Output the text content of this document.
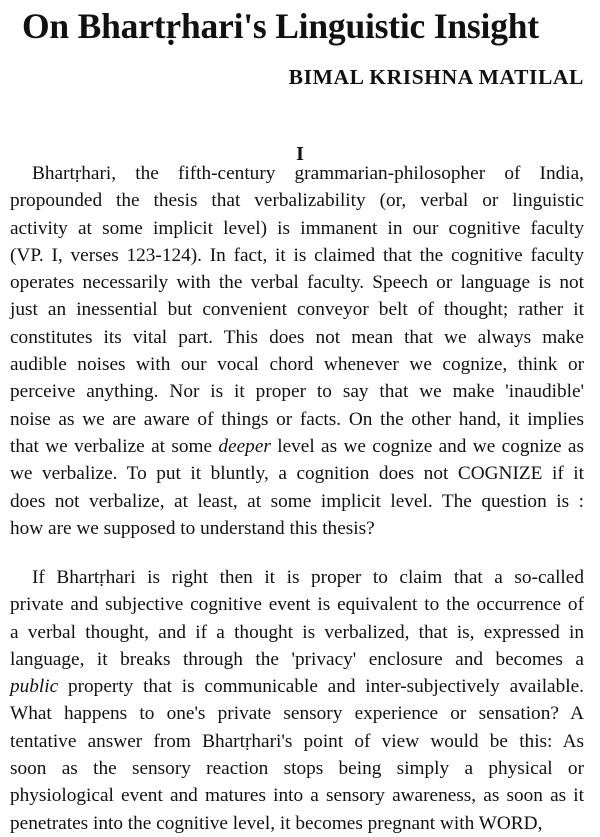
On Bhartṛhari's Linguistic Insight
BIMAL KRISHNA MATILAL
I
Bhartṛhari, the fifth-century grammarian-philosopher of India,
propounded the thesis that verbalizability (or, verbal or linguistic
activity at some implicit level) is immanent in our cognitive faculty
(VP. I, verses 123-124). In fact, it is claimed that the cognitive faculty
operates necessarily with the verbal faculty. Speech or language is not
just an inessential but convenient conveyor belt of thought; rather it
constitutes its vital part. This does not mean that we always make
audible noises with our vocal chord whenever we cognize, think or
perceive anything. Nor is it proper to say that we make 'inaudible'
noise as we are aware of things or facts. On the other hand, it implies
that we verbalize at some deeper level as we cognize and we cognize as
we verbalize. To put it bluntly, a cognition does not COGNIZE if it
does not verbalize, at least, at some implicit level. The question is :
how are we supposed to understand this thesis?
If Bhartṛhari is right then it is proper to claim that a so-called
private and subjective cognitive event is equivalent to the occurrence of
a verbal thought, and if a thought is verbalized, that is, expressed in
language, it breaks through the 'privacy' enclosure and becomes a
public property that is communicable and inter-subjectively available.
What happens to one's private sensory experience or sensation? A
tentative answer from Bhartṛhari's point of view would be this: As
soon as the sensory reaction stops being simply a physical or
physiological event and matures into a sensory awareness, as soon as it
penetrates into the cognitive level, it becomes pregnant with WORD,
